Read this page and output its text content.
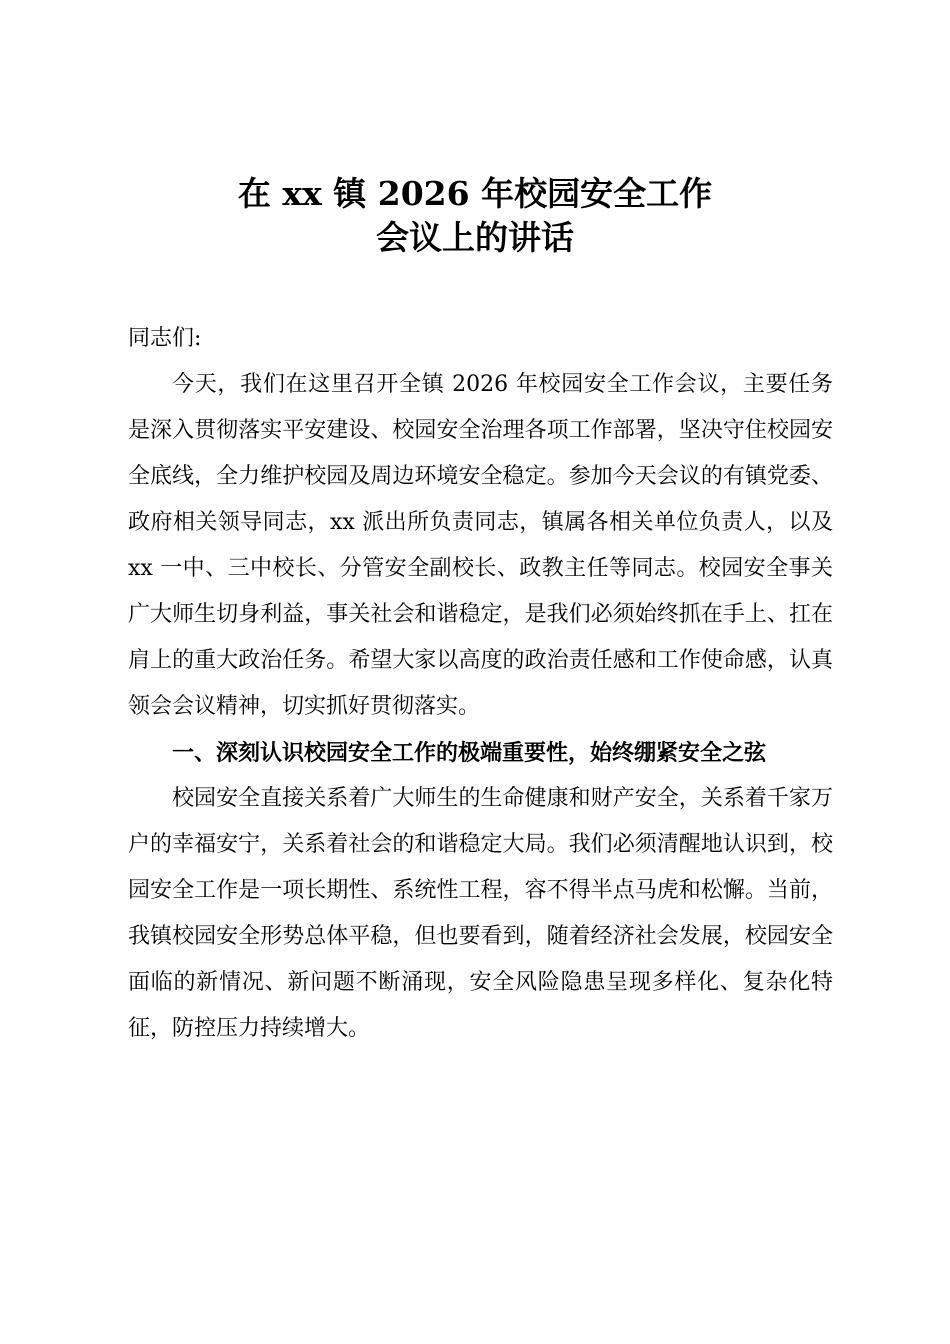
在 xx 镇 2026 年校园安全工作
会议上的讲话

同志们:

今天，我们在这里召开全镇 2026 年校园安全工作会议，主要任务是深入贯彻落实平安建设、校园安全治理各项工作部署，坚决守住校园安全底线，全力维护校园及周边环境安全稳定。参加今天会议的有镇党委、政府相关领导同志，xx 派出所负责同志，镇属各相关单位负责人，以及 xx 一中、三中校长、分管安全副校长、政教主任等同志。校园安全事关广大师生切身利益，事关社会和谐稳定，是我们必须始终抓在手上、扛在肩上的重大政治任务。希望大家以高度的政治责任感和工作使命感，认真领会会议精神，切实抓好贯彻落实。

一、深刻认识校园安全工作的极端重要性，始终绷紧安全之弦

校园安全直接关系着广大师生的生命健康和财产安全，关系着千家万户的幸福安宁，关系着社会的和谐稳定大局。我们必须清醒地认识到，校园安全工作是一项长期性、系统性工程，容不得半点马虎和松懈。当前，我镇校园安全形势总体平稳，但也要看到，随着经济社会发展，校园安全面临的新情况、新问题不断涌现，安全风险隐患呈现多样化、复杂化特征，防控压力持续增大。
